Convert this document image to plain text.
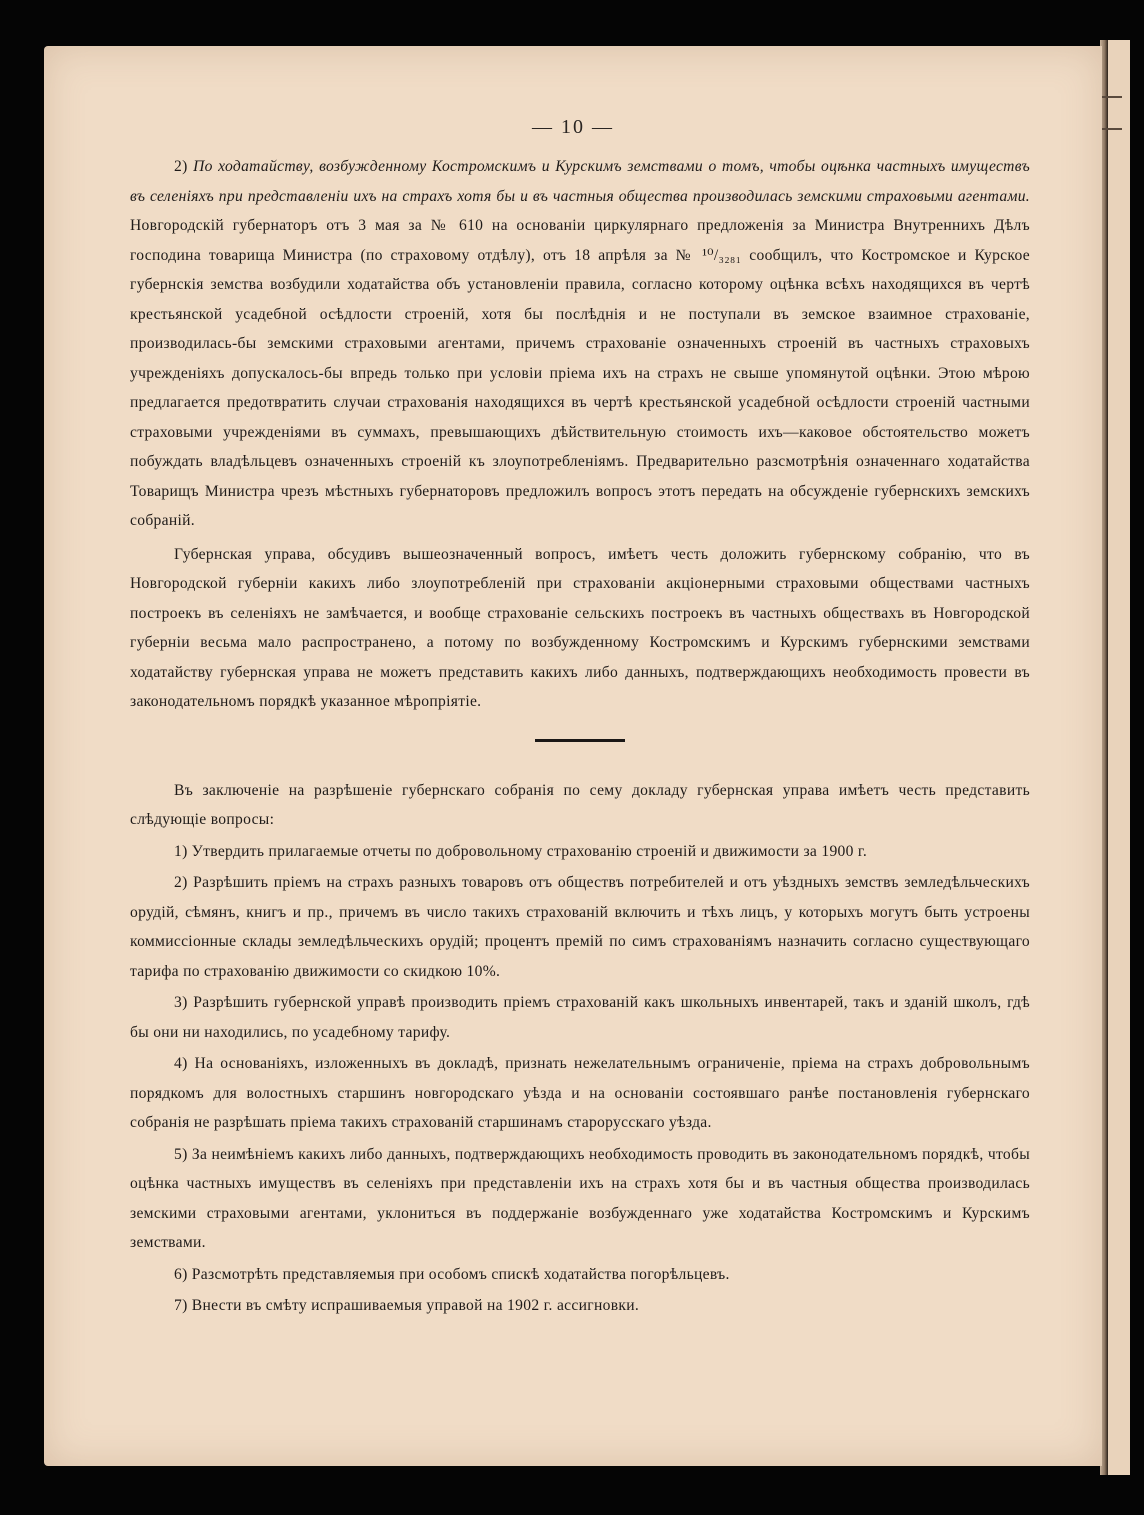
— 10 —

2) По ходатайству, возбужденному Костромскимъ и Курскимъ земствами о томъ, чтобы оцѣнка частныхъ имуществъ въ селеніяхъ при представленіи ихъ на страхъ хотя бы и въ частныя общества производилась земскими страховыми агентами. Новгородскій губернаторъ отъ 3 мая за № 610 на основаніи циркулярнаго предложенія за Министра Внутреннихъ Дѣлъ господина товарища Министра (по страховому отдѣлу), отъ 18 апрѣля за № ¹⁰/₃₂₈₁ сообщилъ, что Костромское и Курское губернскія земства возбудили ходатайства объ установленіи правила, согласно которому оцѣнка всѣхъ находящихся въ чертѣ крестьянской усадебной осѣдлости строеній, хотя бы послѣднія и не поступали въ земское взаимное страхованіе, производилась-бы земскими страховыми агентами, причемъ страхованіе означенныхъ строеній въ частныхъ страховыхъ учрежденіяхъ допускалось-бы впредь только при условіи пріема ихъ на страхъ не свыше упомянутой оцѣнки. Этою мѣрою предлагается предотвратить случаи страхованія находящихся въ чертѣ крестьянской усадебной осѣдлости строеній частными страховыми учрежденіями въ суммахъ, превышающихъ дѣйствительную стоимость ихъ—каковое обстоятельство можетъ побуждать владѣльцевъ означенныхъ строеній къ злоупотребленіямъ. Предварительно разсмотрѣнія означеннаго ходатайства Товарищъ Министра чрезъ мѣстныхъ губернаторовъ предложилъ вопросъ этотъ передать на обсужденіе губернскихъ земскихъ собраній.

Губернская управа, обсудивъ вышеозначенный вопросъ, имѣетъ честь доложить губернскому собранію, что въ Новгородской губерніи какихъ либо злоупотребленій при страхованіи акціонерными страховыми обществами частныхъ построекъ въ селеніяхъ не замѣчается, и вообще страхованіе сельскихъ построекъ въ частныхъ обществахъ въ Новгородской губерніи весьма мало распространено, а потому по возбужденному Костромскимъ и Курскимъ губернскими земствами ходатайству губернская управа не можетъ представить какихъ либо данныхъ, подтверждающихъ необходимость провести въ законодательномъ порядкѣ указанное мѣропріятіе.

Въ заключеніе на разрѣшеніе губернскаго собранія по сему докладу губернская управа имѣетъ честь представить слѣдующіе вопросы:

1) Утвердить прилагаемые отчеты по добровольному страхованію строеній и движимости за 1900 г.

2) Разрѣшить пріемъ на страхъ разныхъ товаровъ отъ обществъ потребителей и отъ уѣздныхъ земствъ земледѣльческихъ орудій, сѣмянъ, книгъ и пр., причемъ въ число такихъ страхованій включить и тѣхъ лицъ, у которыхъ могутъ быть устроены коммиссіонные склады земледѣльческихъ орудій; процентъ премій по симъ страхованіямъ назначить согласно существующаго тарифа по страхованію движимости со скидкою 10%.

3) Разрѣшить губернской управѣ производить пріемъ страхованій какъ школьныхъ инвентарей, такъ и зданій школъ, гдѣ бы они ни находились, по усадебному тарифу.

4) На основаніяхъ, изложенныхъ въ докладѣ, признать нежелательнымъ ограниченіе, пріема на страхъ добровольнымъ порядкомъ для волостныхъ старшинъ новгородскаго уѣзда и на основаніи состоявшаго ранѣе постановленія губернскаго собранія не разрѣшать пріема такихъ страхованій старшинамъ старорусскаго уѣзда.

5) За неимѣніемъ какихъ либо данныхъ, подтверждающихъ необходимость проводить въ законодательномъ порядкѣ, чтобы оцѣнка частныхъ имуществъ въ селеніяхъ при представленіи ихъ на страхъ хотя бы и въ частныя общества производилась земскими страховыми агентами, уклониться въ поддержаніе возбужденнаго уже ходатайства Костромскимъ и Курскимъ земствами.

6) Разсмотрѣть представляемыя при особомъ спискѣ ходатайства погорѣльцевъ.

7) Внести въ смѣту испрашиваемыя управой на 1902 г. ассигновки.
